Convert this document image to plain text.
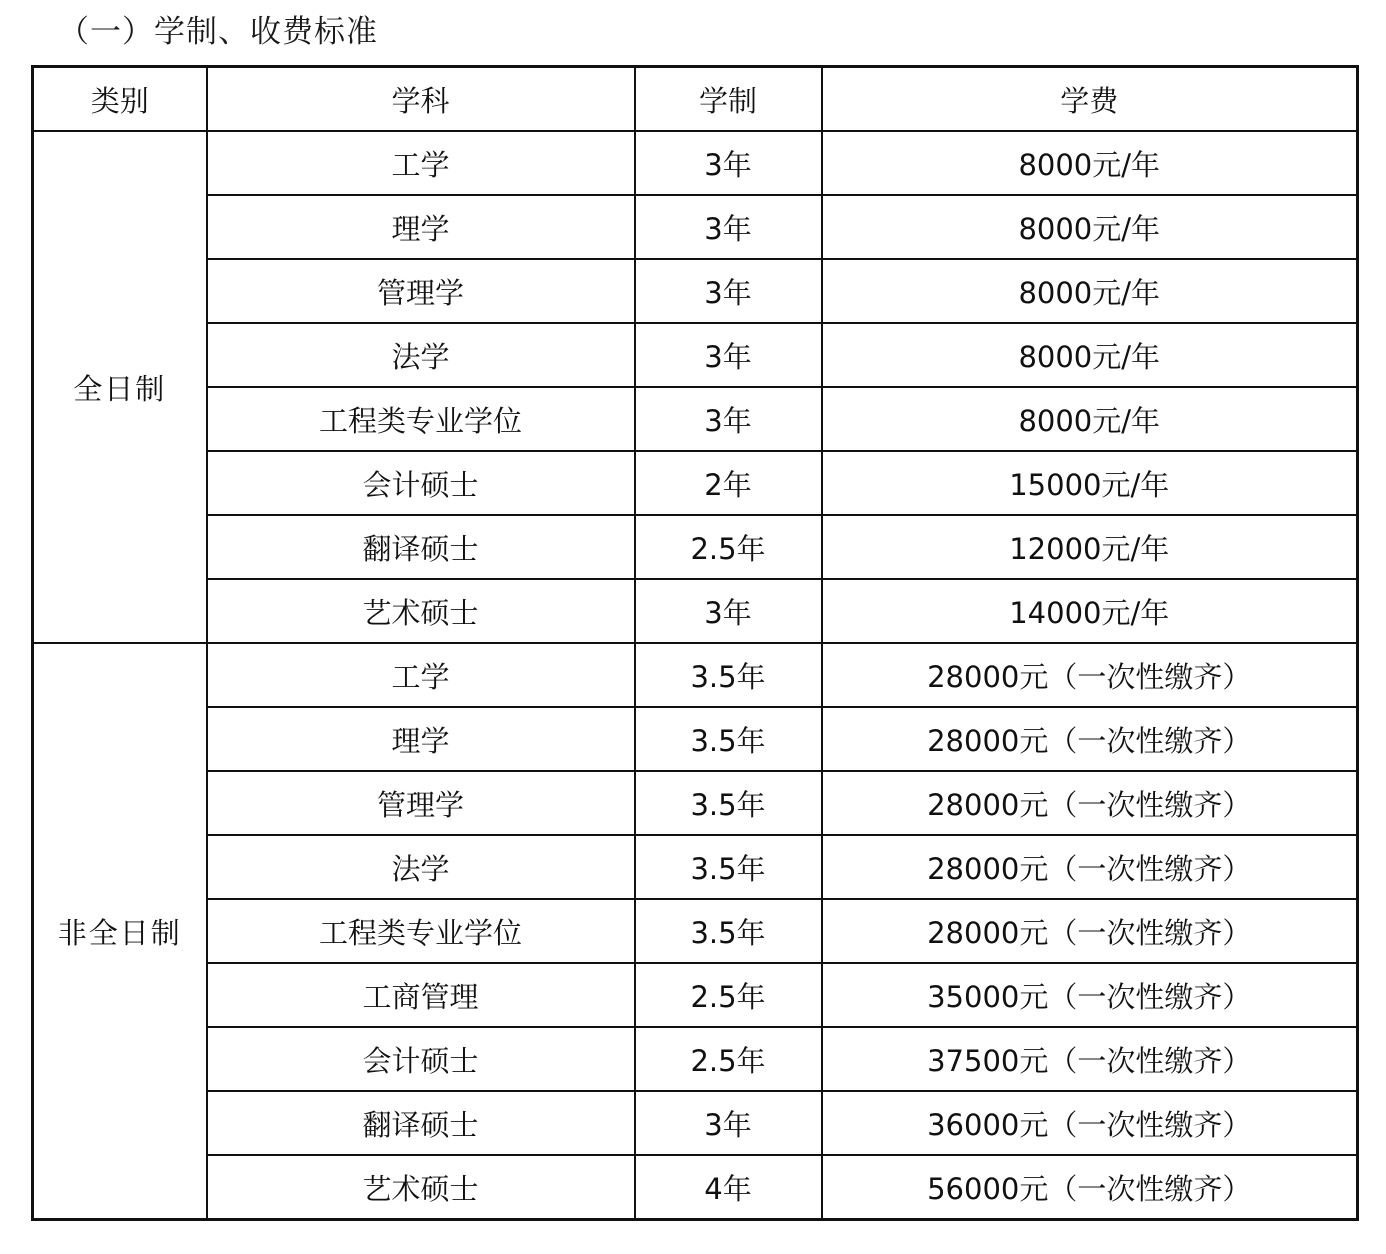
（一）学制、收费标准
类别	学科	学制	学费
全日制	工学	3年	8000元/年
	理学	3年	8000元/年
	管理学	3年	8000元/年
	法学	3年	8000元/年
	工程类专业学位	3年	8000元/年
	会计硕士	2年	15000元/年
	翻译硕士	2.5年	12000元/年
	艺术硕士	3年	14000元/年
非全日制	工学	3.5年	28000元（一次性缴齐）
	理学	3.5年	28000元（一次性缴齐）
	管理学	3.5年	28000元（一次性缴齐）
	法学	3.5年	28000元（一次性缴齐）
	工程类专业学位	3.5年	28000元（一次性缴齐）
	工商管理	2.5年	35000元（一次性缴齐）
	会计硕士	2.5年	37500元（一次性缴齐）
	翻译硕士	3年	36000元（一次性缴齐）
	艺术硕士	4年	56000元（一次性缴齐）
